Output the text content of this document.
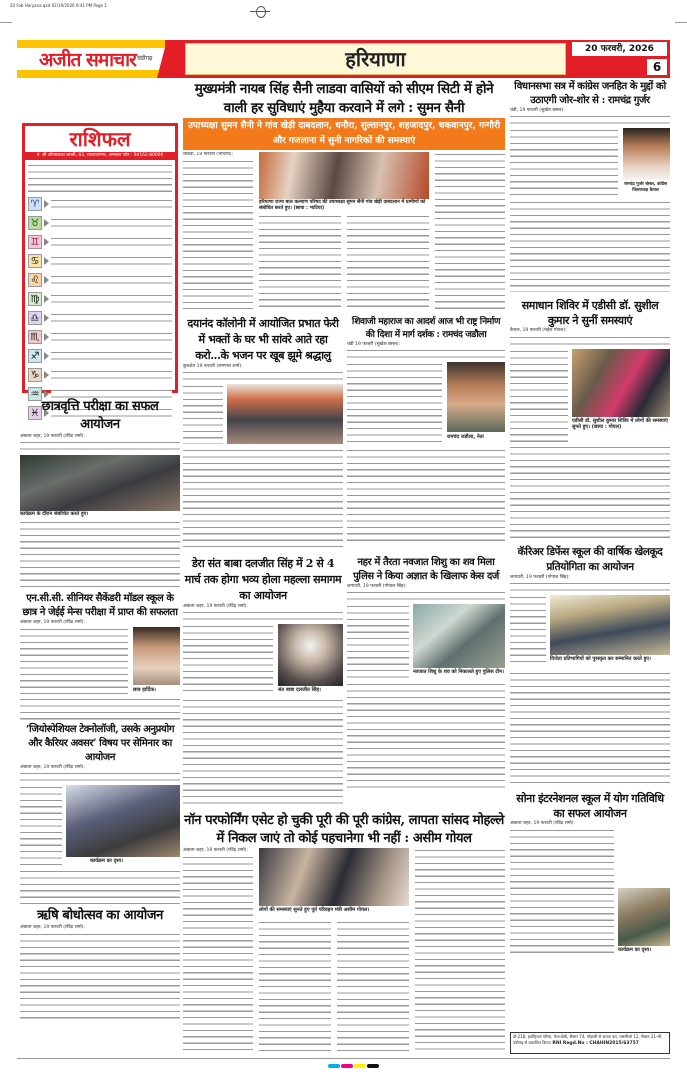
20 Feb Haryana.qxd 02/19/2026 9:41 PM Page 1
अजीत समाचार चंडीगढ़	हरियाणा	20 फरवरी, 2026
6
राशिफल
पं. श्री ओमप्रकाश शास्त्री, 83, लाजपतनगर, अम्बाला फोन : 94162-80000
♈
♉
♊
♋
♌
♍
♎
♏
♐
♑
♒
♓ छात्रवृत्ति परीक्षा का सफल आयोजन
अंबाला शहर, 19 फरवरी (रविंद्र शर्मा):
कार्यक्रम के दौरान संबोधित करते हुए।
एन.सी.सी. सीनियर सैकेंडरी मॉडल स्कूल के छात्र ने जेईई मेन्स परीक्षा में प्राप्त की सफलता
अंबाला शहर, 19 फरवरी (रविंद्र शर्मा):
छात्र हार्दिक।
‘जियोस्पेशियल टेक्नोलॉजी, उसके अनुप्रयोग और कैरियर अवसर’ विषय पर सेमिनार का आयोजन
अंबाला शहर, 19 फरवरी (रविंद्र शर्मा):
कार्यक्रम का दृश्य।
ऋषि बोधोत्सव का आयोजन
अंबाला शहर, 19 फरवरी (रविंद्र शर्मा):
मुख्यमंत्री नायब सिंह सैनी लाडवा वासियों को सीएम सिटी में होने वाली हर सुविधाएं मुहैया करवाने में लगे : सुमन सैनी
उपाध्यक्षा सुमन सैनी ने गांव खेड़ी दाबदलान, धनौरा, सुल्तानपुर, शहजादपुर, चकवानपुर, गन्गौरी और गजलाना में सुनी नागरिकों की समस्याएं
लाडवा, 19 फरवरी (भाटिया):
हरियाणा राज्य बाल कल्याण परिषद की उपाध्यक्षा सुमन सैनी गांव खेड़ी दाबदलान में ग्रामीणों को संबोधित करते हुए। (छाया : भाटिया)
दयानंद कॉलोनी में आयोजित प्रभात फेरी में भक्तों के घर भी सांवरे आते रहा करो...के भजन पर खूब झूमे श्रद्धालु
कुरुक्षेत्र 19 फरवरी (रामपाल शर्मा):
शिवाजी महाराज का आदर्श आज भी राष्ट्र निर्माण की दिशा में मार्ग दर्शक : रामचंद जडौला
चंडी 19 फरवरी (सुखेश बंसल):
रामचंद जडौला, नेता
डेरा संत बाबा दलजीत सिंह में 2 से 4 मार्च तक होगा भव्य होला महल्ला समागम का आयोजन
अंबाला शहर, 19 फरवरी (रविंद्र शर्मा):
संत बाबा दलजीत सिंह।
नहर में तैरता नवजात शिशु का शव मिला पुलिस ने किया अज्ञात के खिलाफ केस दर्ज
जगाधरी, 19 फरवरी (गोपाल सिंह):
नवजात शिशु के शव को निकालते हुए पुलिस टीम।
नॉन परफोर्मिंग एसेट हो चुकी पूरी की पूरी कांग्रेस, लापता सांसद मोहल्ले में निकल जाएं तो कोई पहचानेगा भी नहीं : असीम गोयल
अंबाला शहर, 19 फरवरी (रविंद्र शर्मा):
लोगों की समस्याएं सुनते हुए पूर्व परिवहन मंत्री असीम गोयल।
विधानसभा सत्र में कांग्रेस जनहित के मुद्दों को उठाएगी जोर-शोर से : रामचंद्र गुर्जर
चंडी, 19 फरवरी (सुखेश बंसल):
रामचंद्र गुर्जर बंसल, कांग्रेस जिलाध्यक्ष कैथल
समाधान शिविर में एडीसी डॉ. सुशील कुमार ने सुनीं समस्याएं
कैथल, 19 फरवरी (महेश गोयल):
एडीसी डॉ. सुशील कुमार शिविर में लोगों की समस्याएं सुनते हुए। (छाया : गोयल)
कॅरिअर डिफेंस स्कूल की वार्षिक खेलकूद प्रतियोगिता का आयोजन
जगाधरी, 19 फरवरी (गोपाल सिंह):
विजेता प्रतिभागियों को पुरस्कृत कर सम्मानित करते हुए।
सोना इंटरनेशनल स्कूल में योग गतिविधि का सफल आयोजन
अंबाला शहर, 19 फरवरी (रविंद्र शर्मा):
कार्यक्रम का दृश्य।
डी-218, इंडस्ट्रियल एरिया, फेज-8बी, सैक्टर 74, मोहाली से छपवा कर, एससीओ 12, सैक्टर 21-सी, चंडीगढ़ से प्रकाशित किया। RNI Regd.No : CHAHIN2015/63757
